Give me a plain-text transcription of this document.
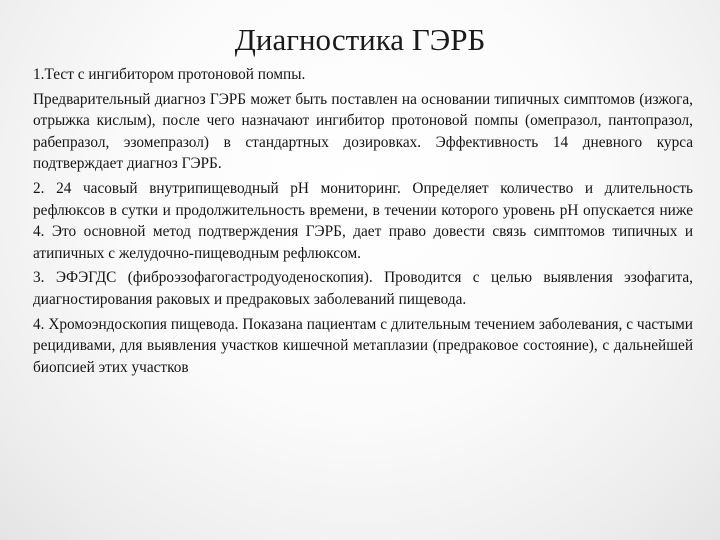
Диагностика ГЭРБ

1.Тест с ингибитором протоновой помпы.

Предварительный диагноз ГЭРБ может быть поставлен на основании типичных симптомов (изжога, отрыжка кислым), после чего назначают ингибитор протоновой помпы (омепразол, пантопразол, рабепразол, эзомепразол) в стандартных дозировках. Эффективность 14 дневного курса подтверждает диагноз ГЭРБ.

2. 24 часовый внутрипищеводный рН мониторинг. Определяет количество и длительность рефлюксов в сутки и продолжительность времени, в течении которого уровень рН опускается ниже 4. Это основной метод подтверждения ГЭРБ, дает право довести связь симптомов типичных и атипичных с желудочно-пищеводным рефлюксом.

3. ЭФЭГДС (фиброэзофагогастродуоденоскопия). Проводится с целью выявления эзофагита, диагностирования раковых и предраковых заболеваний пищевода.

4. Хромоэндоскопия пищевода. Показана пациентам с длительным течением заболевания, с частыми рецидивами, для выявления участков кишечной метаплазии (предраковое состояние), с дальнейшей биопсией этих участков
